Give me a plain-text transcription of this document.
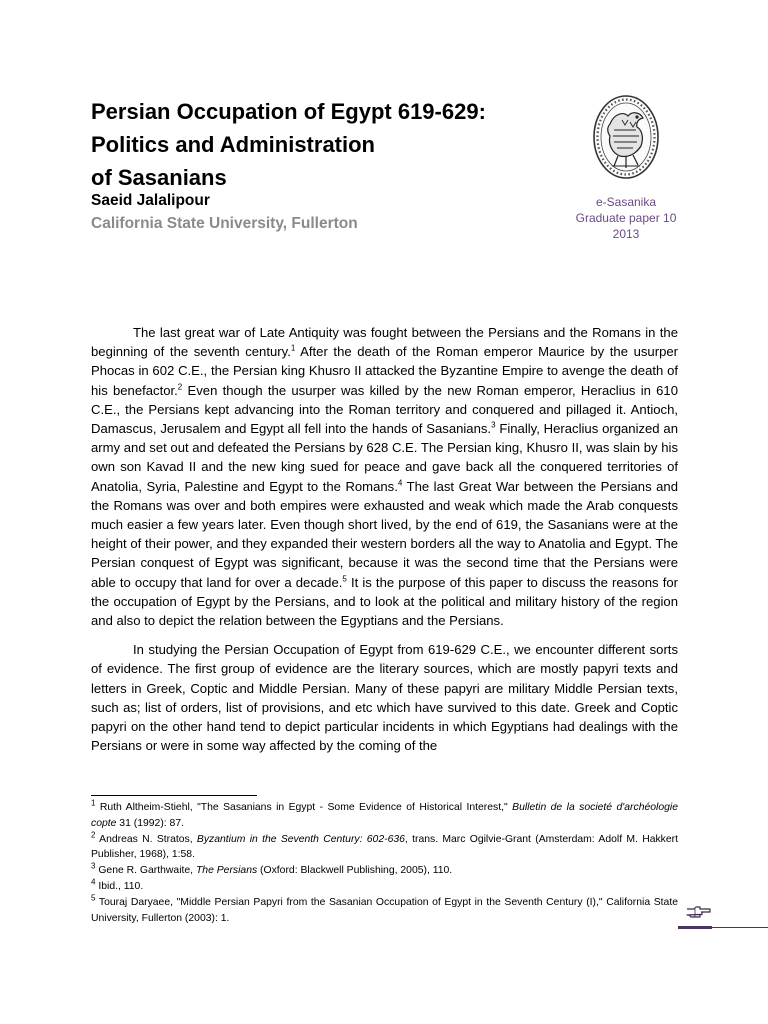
Persian Occupation of Egypt 619-629:
Politics and Administration
of Sasanians
Saeid Jalalipour
California State University, Fullerton
e-Sasanika
Graduate paper 10
2013

The last great war of Late Antiquity was fought between the Persians and the Romans in the beginning of the seventh century.$^1$ After the death of the Roman emperor Maurice by the usurper Phocas in 602 C.E., the Persian king Khusro II attacked the Byzantine Empire to avenge the death of his benefactor.$^2$ Even though the usurper was killed by the new Roman emperor, Heraclius in 610 C.E., the Persians kept advancing into the Roman territory and conquered and pillaged it. Antioch, Damascus, Jerusalem and Egypt all fell into the hands of Sasanians.$^3$ Finally, Heraclius organized an army and set out and defeated the Persians by 628 C.E. The Persian king, Khusro II, was slain by his own son Kavad II and the new king sued for peace and gave back all the conquered territories of Anatolia, Syria, Palestine and Egypt to the Romans.$^4$ The last Great War between the Persians and the Romans was over and both empires were exhausted and weak which made the Arab conquests much easier a few years later. Even though short lived, by the end of 619, the Sasanians were at the height of their power, and they expanded their western borders all the way to Anatolia and Egypt. The Persian conquest of Egypt was significant, because it was the second time that the Persians were able to occupy that land for over a decade.$^5$ It is the purpose of this paper to discuss the reasons for the occupation of Egypt by the Persians, and to look at the political and military history of the region and also to depict the relation between the Egyptians and the Persians.

In studying the Persian Occupation of Egypt from 619-629 C.E., we encounter different sorts of evidence. The first group of evidence are the literary sources, which are mostly papyri texts and letters in Greek, Coptic and Middle Persian. Many of these papyri are military Middle Persian texts, such as; list of orders, list of provisions, and etc which have survived to this date. Greek and Coptic papyri on the other hand tend to depict particular incidents in which Egyptians had dealings with the Persians or were in some way affected by the coming of the

$^1$ Ruth Altheim-Stiehl, "The Sasanians in Egypt - Some Evidence of Historical Interest," Bulletin de la societé d'archéologie copte 31 (1992): 87.

$^2$ Andreas N. Stratos, Byzantium in the Seventh Century: 602-636, trans. Marc Ogilvie-Grant (Amsterdam: Adolf M. Hakkert Publisher, 1968), 1:58.

$^3$ Gene R. Garthwaite, The Persians (Oxford: Blackwell Publishing, 2005), 110.

$^4$ Ibid., 110.

$^5$ Touraj Daryaee, "Middle Persian Papyri from the Sasanian Occupation of Egypt in the Seventh Century (I)," California State University, Fullerton (2003): 1.
